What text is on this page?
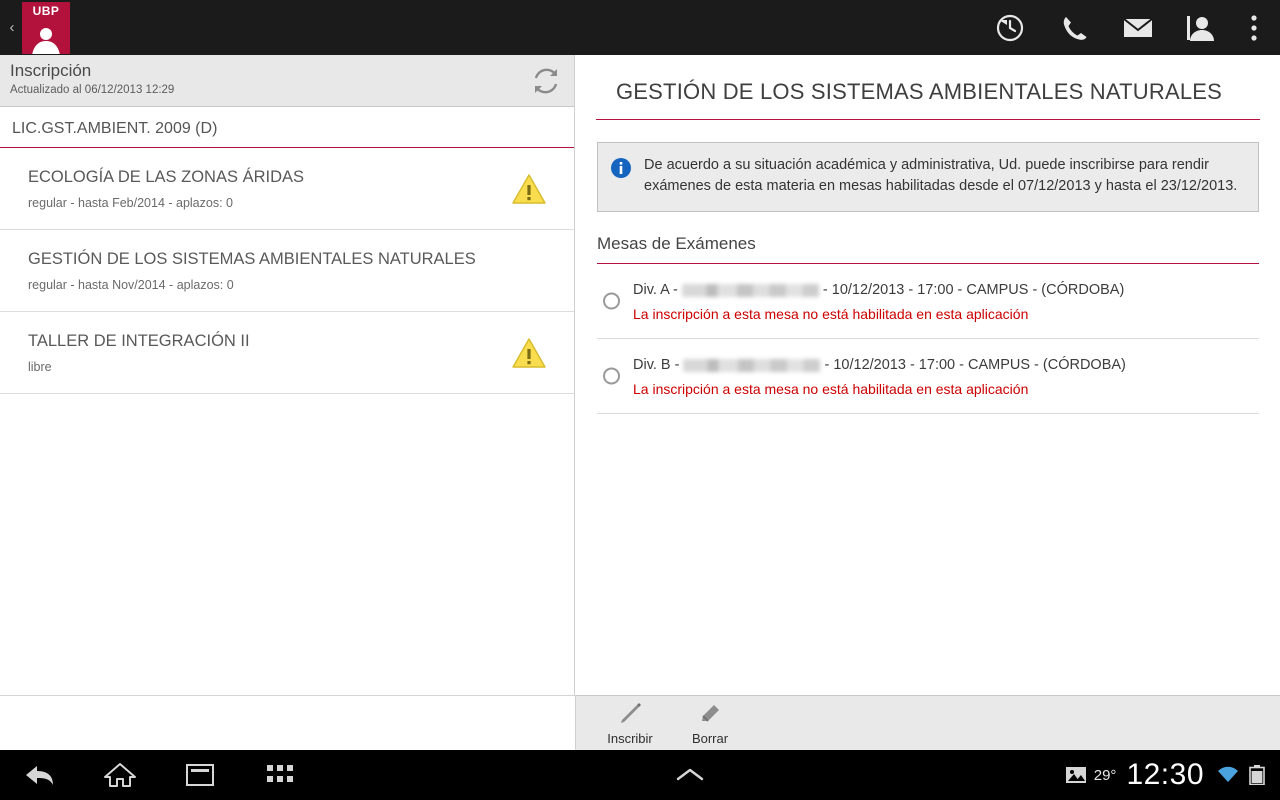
‹
UBP
Inscripción
Actualizado al 06/12/2013 12:29
LIC.GST.AMBIENT. 2009 (D)
ECOLOGÍA DE LAS ZONAS ÁRIDAS
regular - hasta Feb/2014 - aplazos: 0
GESTIÓN DE LOS SISTEMAS AMBIENTALES NATURALES
regular - hasta Nov/2014 - aplazos: 0
TALLER DE INTEGRACIÓN II
libre
GESTIÓN DE LOS SISTEMAS AMBIENTALES NATURALES
De acuerdo a su situación académica y administrativa, Ud. puede inscribirse para rendir exámenes de esta materia en mesas habilitadas desde el 07/12/2013 y hasta el 23/12/2013.
Mesas de Exámenes
Div. A -	- 10/12/2013 - 17:00 - CAMPUS - (CÓRDOBA)
La inscripción a esta mesa no está habilitada en esta aplicación
Div. B -	- 10/12/2013 - 17:00 - CAMPUS - (CÓRDOBA)
La inscripción a esta mesa no está habilitada en esta aplicación
Inscribir	Borrar
29° 12:30
